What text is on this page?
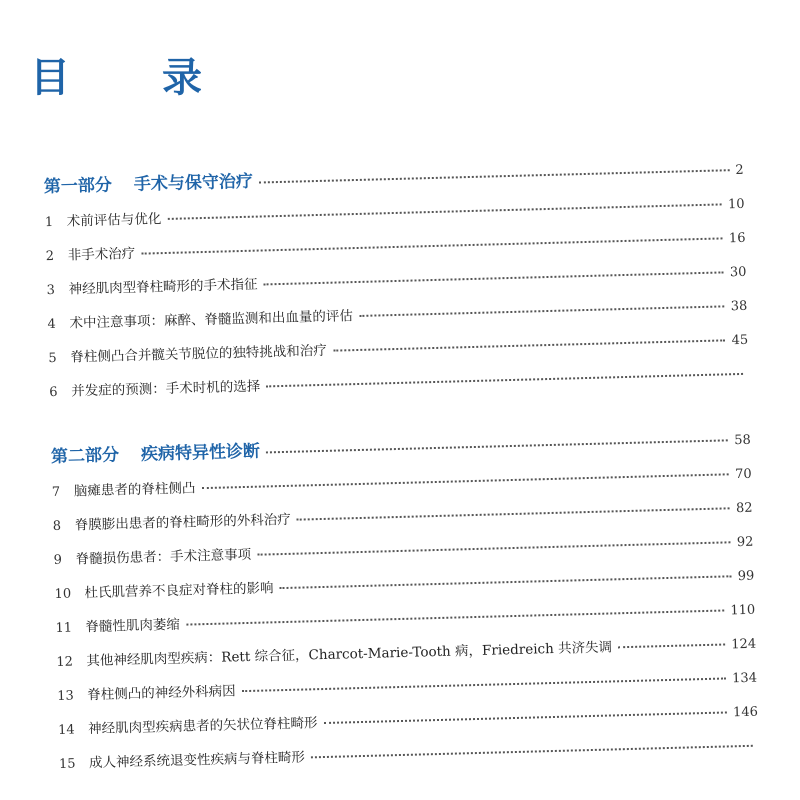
目　录
第一部分 手术与保守治疗
2
1 术前评估与优化
10
2 非手术治疗
16
3 神经肌肉型脊柱畸形的手术指征
30
4 术中注意事项：麻醉、脊髓监测和出血量的评估
38
5 脊柱侧凸合并髋关节脱位的独特挑战和治疗
45
6 并发症的预测：手术时机的选择
第二部分 疾病特异性诊断
58
7 脑瘫患者的脊柱侧凸
70
8 脊膜膨出患者的脊柱畸形的外科治疗
82
9 脊髓损伤患者：手术注意事项
92
10 杜氏肌营养不良症对脊柱的影响
99
11 脊髓性肌肉萎缩
110
12 其他神经肌肉型疾病：Rett 综合征，Charcot-Marie-Tooth 病，Friedreich 共济失调	124
13 脊柱侧凸的神经外科病因
134
14 神经肌肉型疾病患者的矢状位脊柱畸形
146
15 成人神经系统退变性疾病与脊柱畸形
